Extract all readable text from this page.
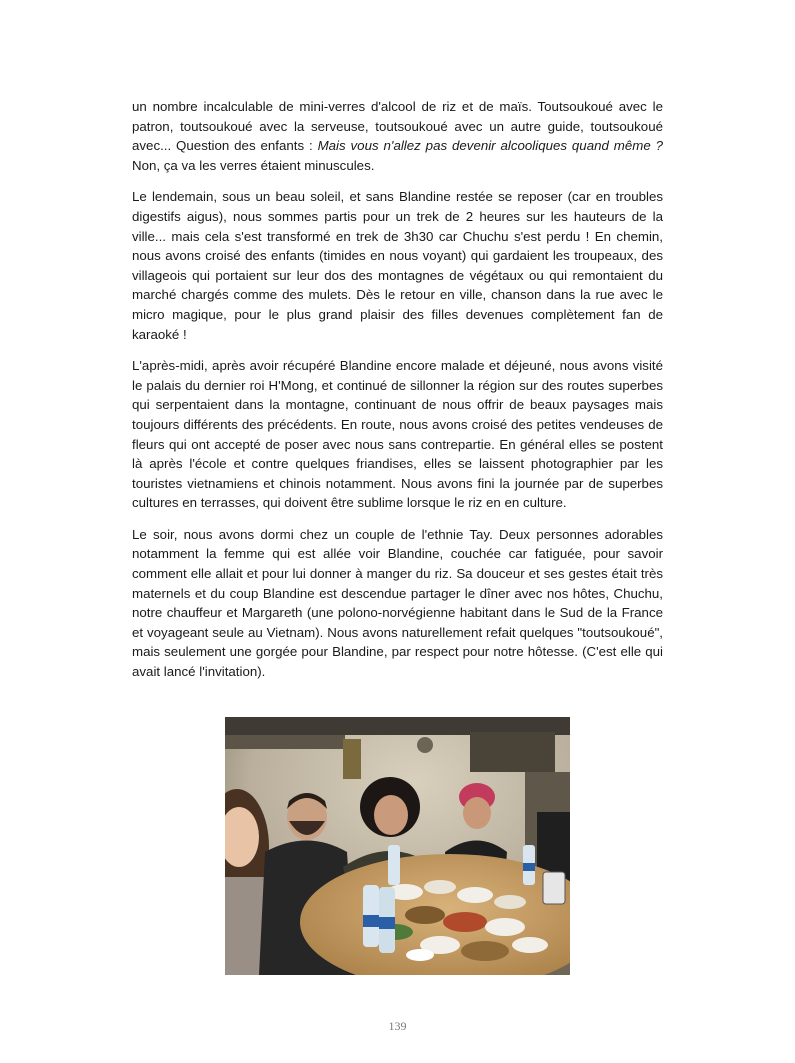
un nombre incalculable de mini-verres d'alcool de riz et de maïs. Toutsoukoué avec le patron, toutsoukoué avec la serveuse, toutsoukoué avec un autre guide, toutsoukoué avec... Question des enfants : Mais vous n'allez pas devenir alcooliques quand même ? Non, ça va les verres étaient minuscules.

Le lendemain, sous un beau soleil, et sans Blandine restée se reposer (car en troubles digestifs aigus), nous sommes partis pour un trek de 2 heures sur les hauteurs de la ville... mais cela s'est transformé en trek de 3h30 car Chuchu s'est perdu ! En chemin, nous avons croisé des enfants (timides en nous voyant) qui gardaient les troupeaux, des villageois qui portaient sur leur dos des montagnes de végétaux ou qui remontaient du marché chargés comme des mulets. Dès le retour en ville, chanson dans la rue avec le micro magique, pour le plus grand plaisir des filles devenues complètement fan de karaoké !

L'après-midi, après avoir récupéré Blandine encore malade et déjeuné, nous avons visité le palais du dernier roi H'Mong, et continué de sillonner la région sur des routes superbes qui serpentaient dans la montagne, continuant de nous offrir de beaux paysages mais toujours différents des précédents. En route, nous avons croisé des petites vendeuses de fleurs qui ont accepté de poser avec nous sans contrepartie. En général elles se postent là après l'école et contre quelques friandises, elles se laissent photographier par les touristes vietnamiens et chinois notamment. Nous avons fini la journée par de superbes cultures en terrasses, qui doivent être sublime lorsque le riz en en culture.

Le soir, nous avons dormi chez un couple de l'ethnie Tay. Deux personnes adorables notamment la femme qui est allée voir Blandine, couchée car fatiguée, pour savoir comment elle allait et pour lui donner à manger du riz. Sa douceur et ses gestes était très maternels et du coup Blandine est descendue partager le dîner avec nos hôtes, Chuchu, notre chauffeur et Margareth (une polono-norvégienne habitant dans le Sud de la France et voyageant seule au Vietnam). Nous avons naturellement refait quelques "toutsoukoué", mais seulement une gorgée pour Blandine, par respect pour notre hôtesse. (C'est elle qui avait lancé l'invitation).

139
